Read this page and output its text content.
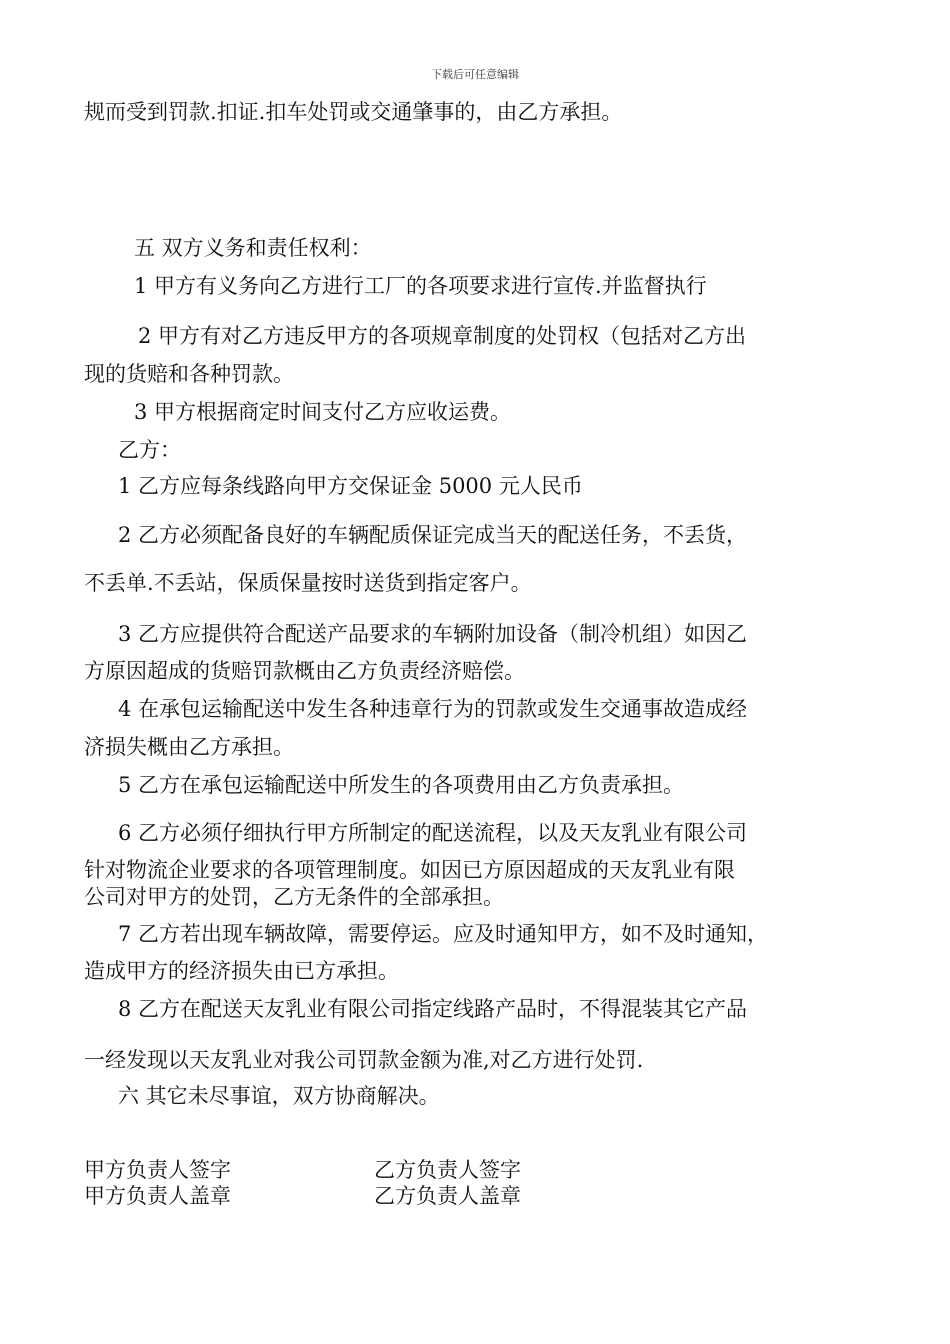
下载后可任意编辑
规而受到罚款.扣证.扣车处罚或交通肇事的，由乙方承担。
五 双方义务和责任权利：
1 甲方有义务向乙方进行工厂的各项要求进行宣传.并监督执行
2 甲方有对乙方违反甲方的各项规章制度的处罚权（包括对乙方出
现的货赔和各种罚款。
3 甲方根据商定时间支付乙方应收运费。
乙方：
1 乙方应每条线路向甲方交保证金 5000 元人民币
2 乙方必须配备良好的车辆配质保证完成当天的配送任务，不丢货，
不丢单.不丢站，保质保量按时送货到指定客户。
3 乙方应提供符合配送产品要求的车辆附加设备（制冷机组）如因乙
方原因超成的货赔罚款概由乙方负责经济赔偿。
4 在承包运输配送中发生各种违章行为的罚款或发生交通事故造成经
济损失概由乙方承担。
5 乙方在承包运输配送中所发生的各项费用由乙方负责承担。
6 乙方必须仔细执行甲方所制定的配送流程，以及天友乳业有限公司
针对物流企业要求的各项管理制度。如因已方原因超成的天友乳业有限
公司对甲方的处罚，乙方无条件的全部承担。
7 乙方若出现车辆故障，需要停运。应及时通知甲方，如不及时通知，
造成甲方的经济损失由已方承担。
8 乙方在配送天友乳业有限公司指定线路产品时，不得混装其它产品
一经发现以天友乳业对我公司罚款金额为准,对乙方进行处罚.
六 其它未尽事谊，双方协商解决。
甲方负责人签字	乙方负责人签字
甲方负责人盖章	乙方负责人盖章
